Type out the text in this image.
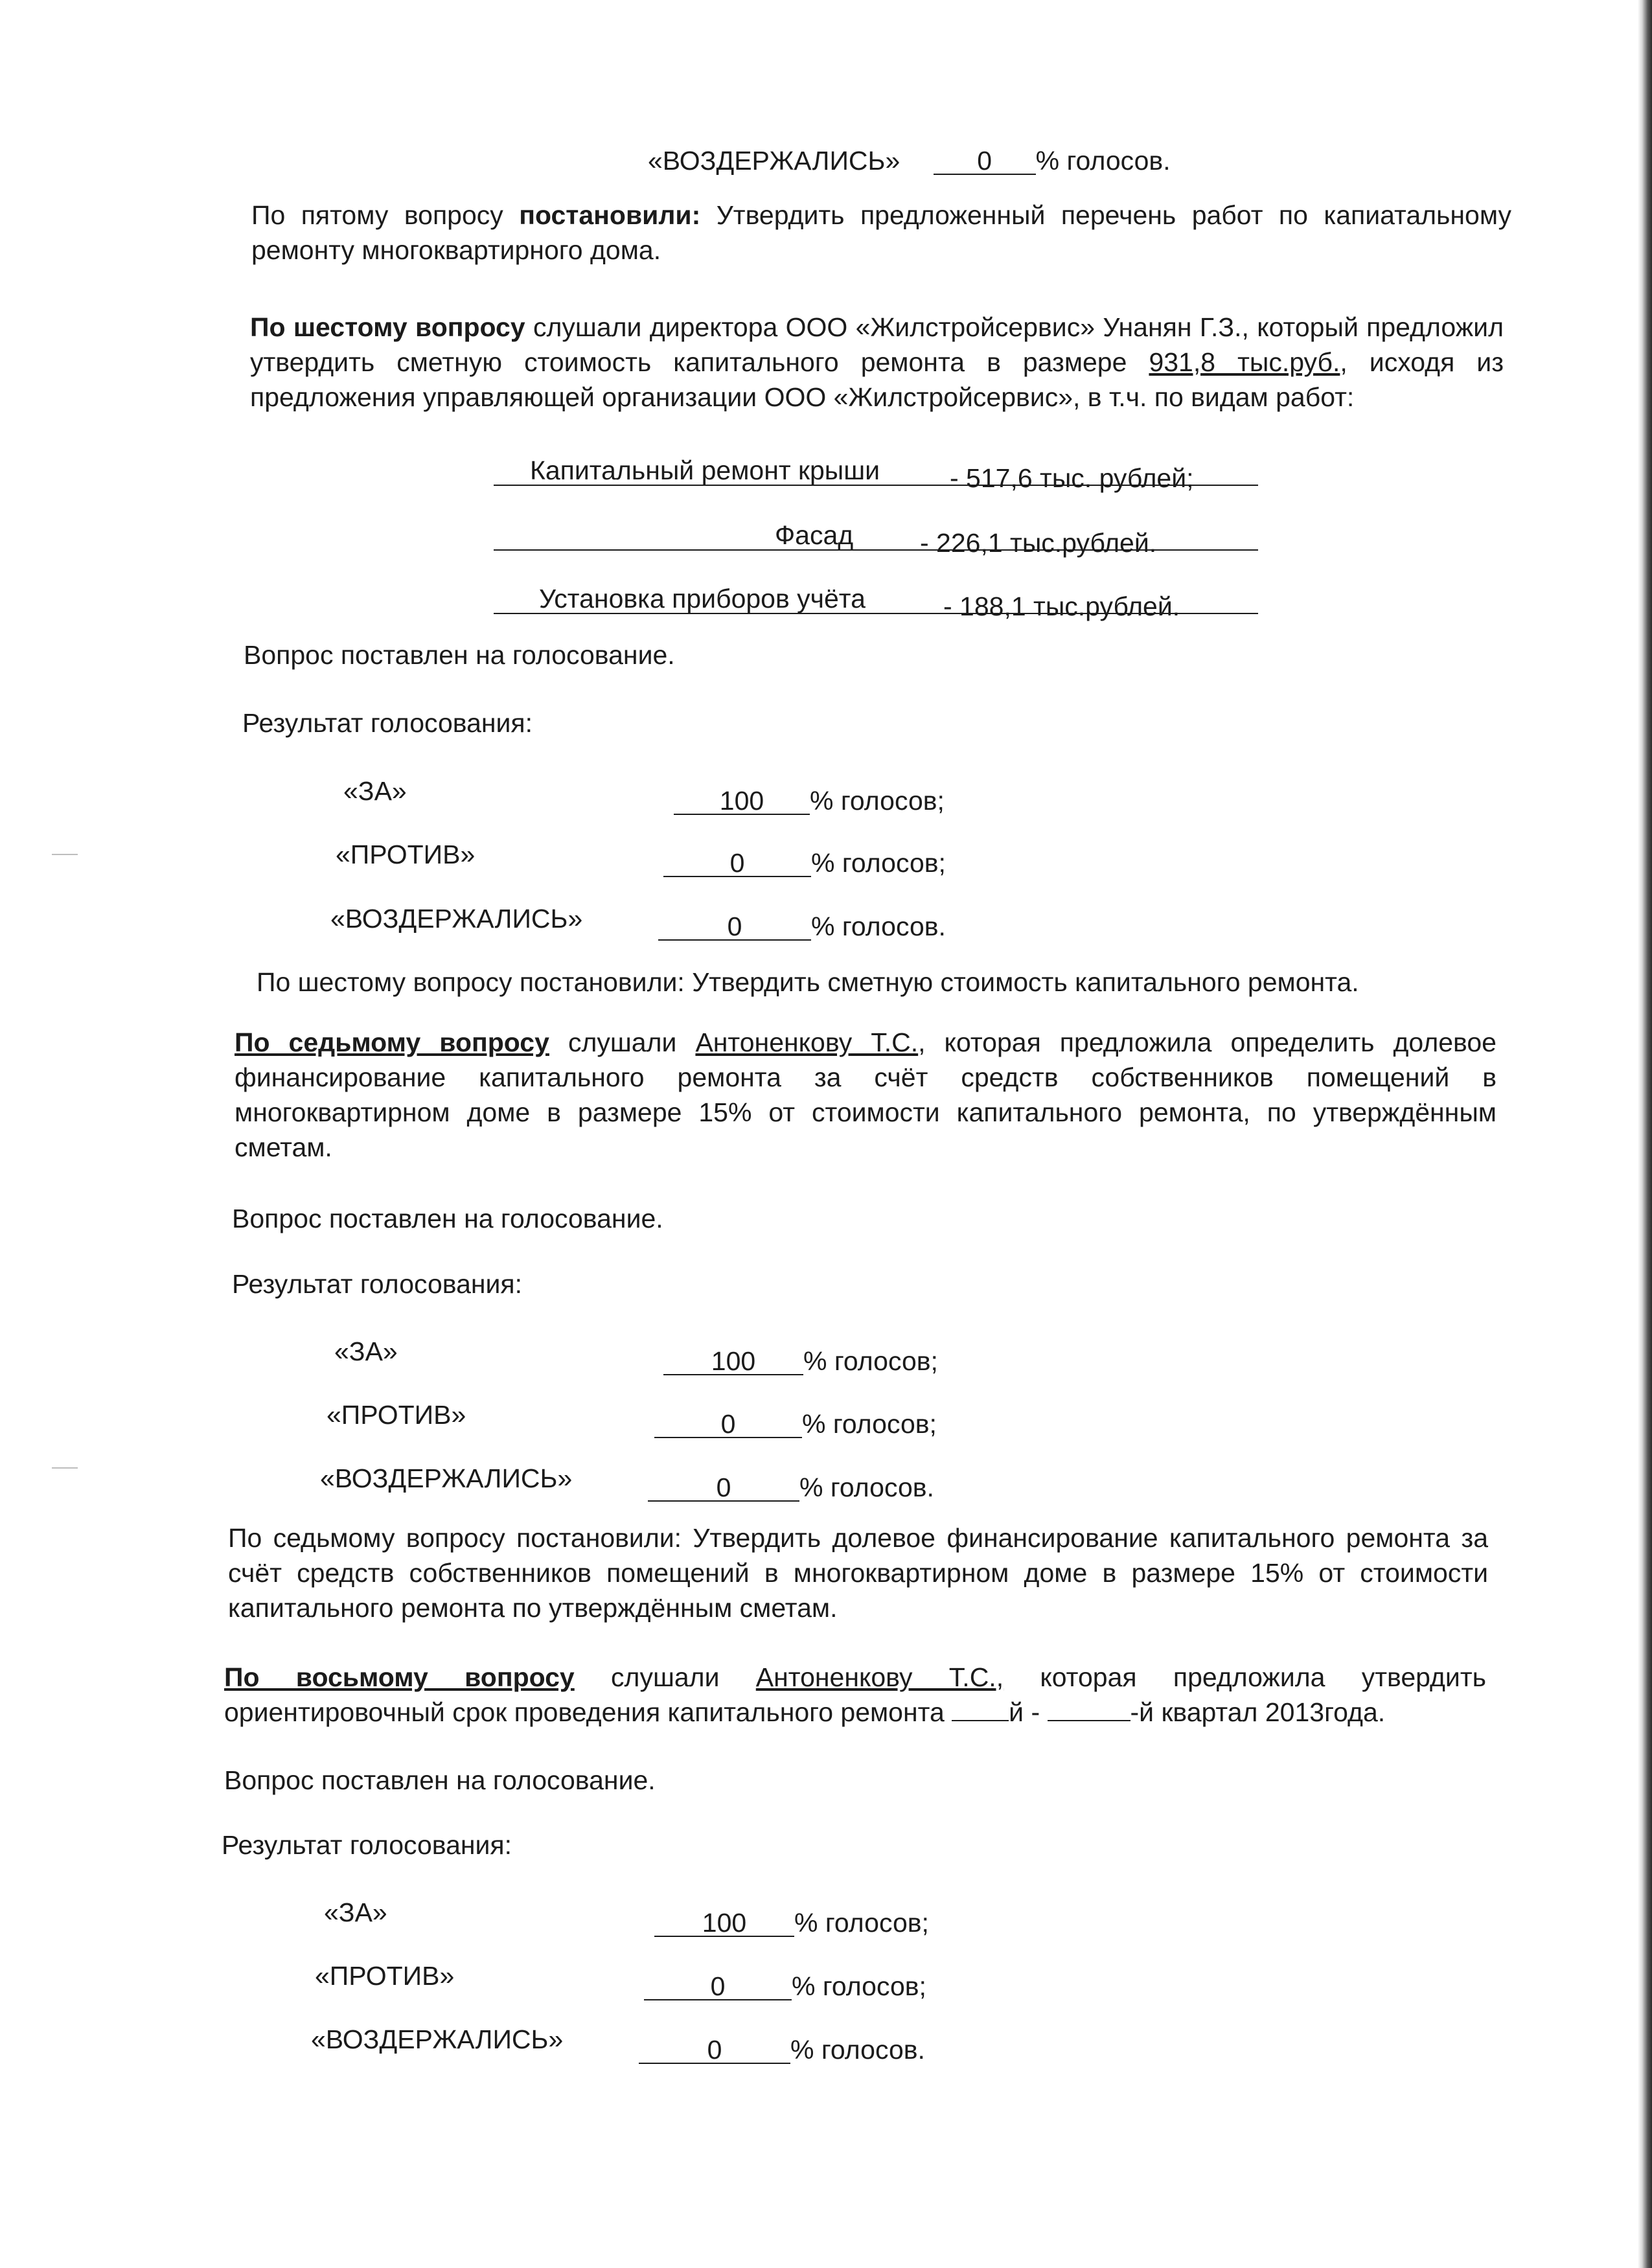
«ВОЗДЕРЖАЛИСЬ»	0 % голосов.
По пятому вопросу постановили: Утвердить предложенный перечень работ по капиатальному
ремонту многоквартирного дома.
По шестому вопросу слушали директора ООО «Жилстройсервис» Унанян Г.З., который предложил
утвердить сметную стоимость капитального ремонта в размере 931,8 тыс.руб., исходя из
предложения управляющей организации ООО «Жилстройсервис», в т.ч. по видам работ:
Капитальный ремонт крыши	- 517,6 тыс. рублей;
Фасад	- 226,1 тыс.рублей.
Установка приборов учёта	- 188,1 тыс.рублей.
Вопрос поставлен на голосование.
Результат голосования:
«ЗА»	100 % голосов;
«ПРОТИВ»	0	% голосов;
«ВОЗДЕРЖАЛИСЬ»	0	% голосов.
По шестому вопросу постановили: Утвердить сметную стоимость капитального ремонта.
По седьмому вопросу слушали Антоненкову Т.С., которая предложила определить долевое
финансирование капитального ремонта за счёт средств собственников помещений в
многоквартирном доме в размере 15% от стоимости капитального ремонта, по утверждённым
сметам.
Вопрос поставлен на голосование.
Результат голосования:
«ЗА»	100 % голосов;
«ПРОТИВ»	0	% голосов;
«ВОЗДЕРЖАЛИСЬ»	0	% голосов.
По седьмому вопросу постановили: Утвердить долевое финансирование капитального ремонта за
счёт средств собственников помещений в многоквартирном доме в размере 15% от стоимости
капитального ремонта по утверждённым сметам.
По восьмому вопросу слушали Антоненкову Т.С., которая предложила утвердить
ориентировочный срок проведения капитального ремонта й -	-й квартал 2013года.
Вопрос поставлен на голосование.
Результат голосования:
«ЗА»	100 % голосов;
«ПРОТИВ»	0	% голосов;
«ВОЗДЕРЖАЛИСЬ»	0	% голосов.
